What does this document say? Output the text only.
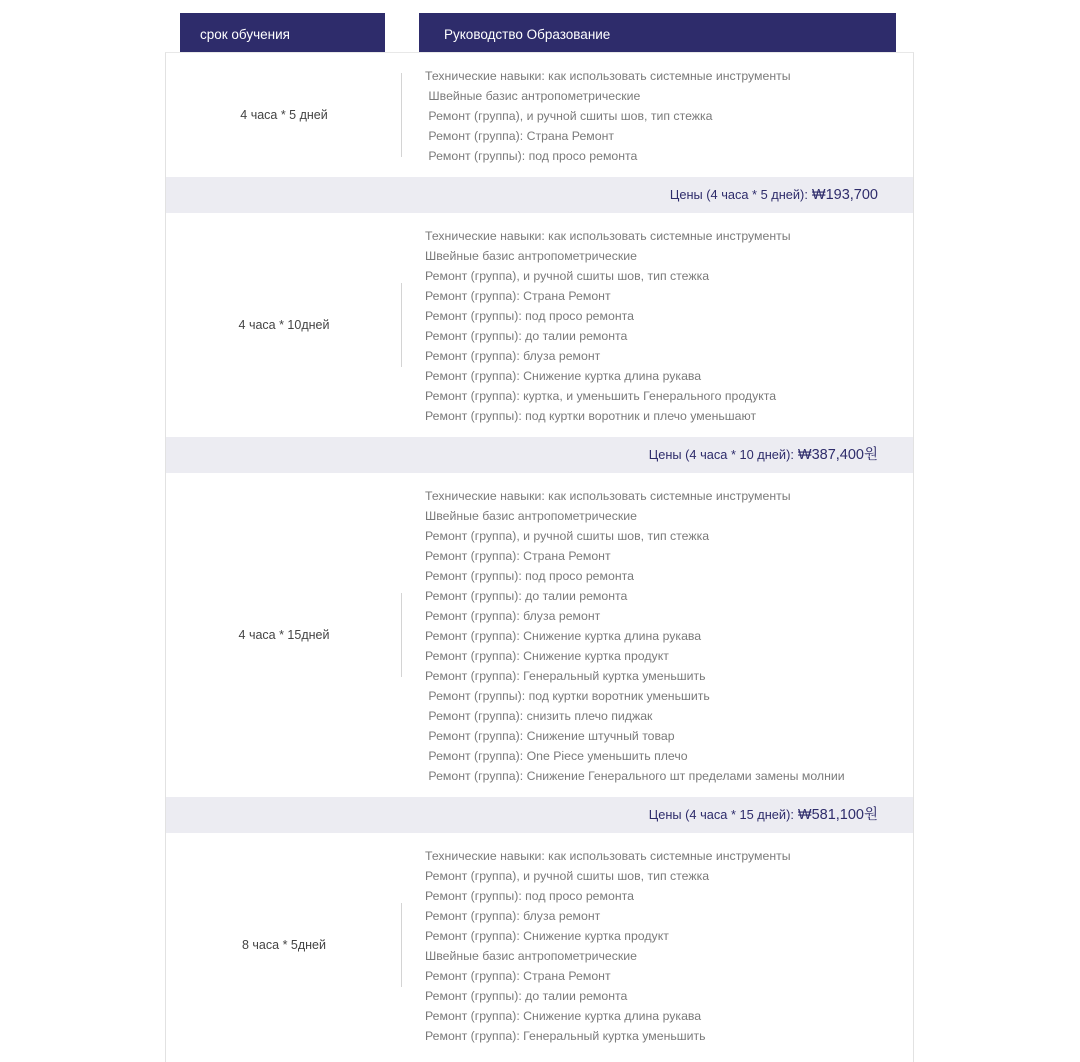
срок обучения	Руководство Образование
4 часа * 5 дней
Технические навыки: как использовать системные инструменты
Швейные базис антропометрические
Ремонт (группа), и ручной сшиты шов, тип стежка
Ремонт (группа): Страна Ремонт
Ремонт (группы): под просо ремонта
Цены (4 часа * 5 дней): ₩193,700
4 часа * 10дней
Технические навыки: как использовать системные инструменты
Швейные базис антропометрические
Ремонт (группа), и ручной сшиты шов, тип стежка
Ремонт (группа): Страна Ремонт
Ремонт (группы): под просо ремонта
Ремонт (группы): до талии ремонта
Ремонт (группа): блуза ремонт
Ремонт (группа): Снижение куртка длина рукава
Ремонт (группа): куртка, и уменьшить Генерального продукта
Ремонт (группы): под куртки воротник и плечо уменьшают
Цены (4 часа * 10 дней): ₩387,400원
4 часа * 15дней
Технические навыки: как использовать системные инструменты
Швейные базис антропометрические
Ремонт (группа), и ручной сшиты шов, тип стежка
Ремонт (группа): Страна Ремонт
Ремонт (группы): под просо ремонта
Ремонт (группы): до талии ремонта
Ремонт (группа): блуза ремонт
Ремонт (группа): Снижение куртка длина рукава
Ремонт (группа): Снижение куртка продукт
Ремонт (группа): Генеральный куртка уменьшить
Ремонт (группы): под куртки воротник уменьшить
Ремонт (группа): снизить плечо пиджак
Ремонт (группа): Снижение штучный товар
Ремонт (группа): One Piece уменьшить плечо
Ремонт (группа): Снижение Генерального шт пределами замены молнии
Цены (4 часа * 15 дней): ₩581,100원
8 часа * 5дней
Технические навыки: как использовать системные инструменты
Ремонт (группа), и ручной сшиты шов, тип стежка
Ремонт (группы): под просо ремонта
Ремонт (группа): блуза ремонт
Ремонт (группа): Снижение куртка продукт
Швейные базис антропометрические
Ремонт (группа): Страна Ремонт
Ремонт (группы): до талии ремонта
Ремонт (группа): Снижение куртка длина рукава
Ремонт (группа): Генеральный куртка уменьшить
